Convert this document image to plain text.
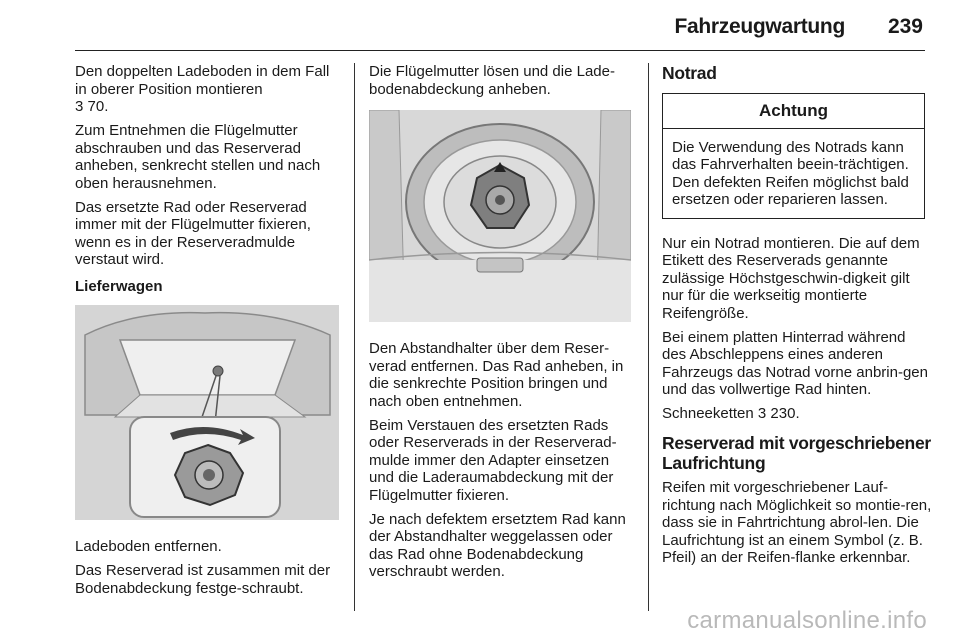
Fahrzeugwartung 239

Den doppelten Ladeboden in dem Fall in oberer Position montieren
3 70.

Zum Entnehmen die Flügelmutter abschrauben und das Reserverad anheben, senkrecht stellen und nach oben herausnehmen.

Das ersetzte Rad oder Reserverad immer mit der Flügelmutter fixieren, wenn es in der Reserveradmulde verstaut wird.

Lieferwagen

Ladeboden entfernen.

Das Reserverad ist zusammen mit der Bodenabdeckung festge-schraubt.

Die Flügelmutter lösen und die Lade-bodenabdeckung anheben.

Den Abstandhalter über dem Reser-verad entfernen. Das Rad anheben, in die senkrechte Position bringen und nach oben entnehmen.

Beim Verstauen des ersetzten Rads oder Reserverads in der Reserverad-mulde immer den Adapter einsetzen und die Laderaumabdeckung mit der Flügelmutter fixieren.

Je nach defektem ersetztem Rad kann der Abstandhalter weggelassen oder das Rad ohne Bodenabdeckung verschraubt werden.

Notrad

Achtung
Die Verwendung des Notrads kann das Fahrverhalten beein-trächtigen. Den defekten Reifen möglichst bald ersetzen oder reparieren lassen.

Nur ein Notrad montieren. Die auf dem Etikett des Reserverads genannte zulässige Höchstgeschwin-digkeit gilt nur für die werkseitig montierte Reifengröße.

Bei einem platten Hinterrad während des Abschleppens eines anderen Fahrzeugs das Notrad vorne anbrin-gen und das vollwertige Rad hinten.

Schneeketten 3 230.

Reserverad mit vorgeschriebener Laufrichtung

Reifen mit vorgeschriebener Lauf-richtung nach Möglichkeit so montie-ren, dass sie in Fahrtrichtung abrol-len. Die Laufrichtung ist an einem Symbol (z. B. Pfeil) an der Reifen-flanke erkennbar.

carmanualsonline.info
